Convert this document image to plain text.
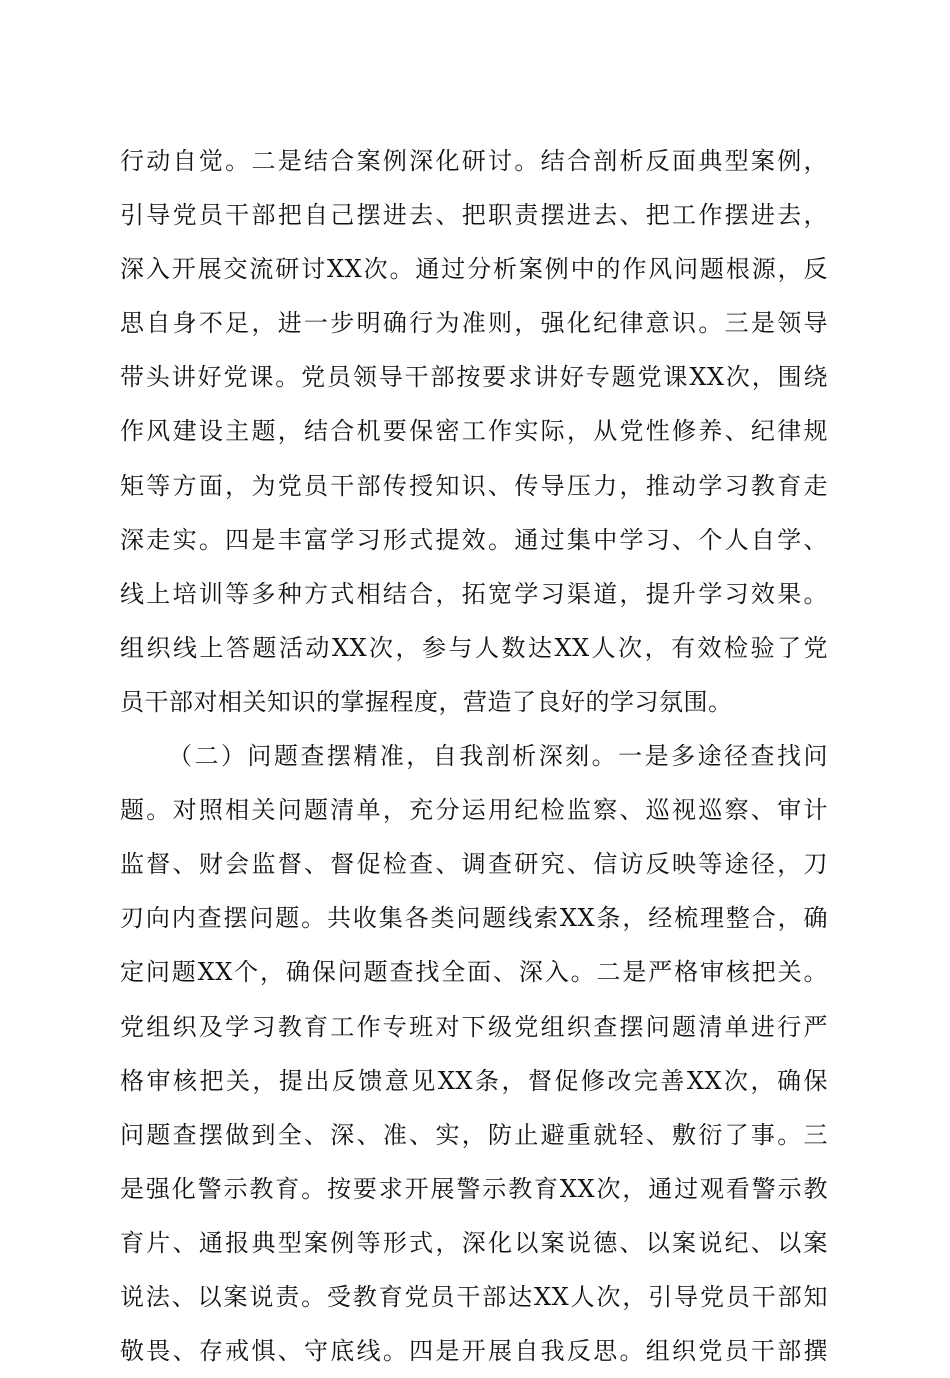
行动自觉。二是结合案例深化研讨。结合剖析反面典型案例，
引导党员干部把自己摆进去、把职责摆进去、把工作摆进去，
深入开展交流研讨XX次。通过分析案例中的作风问题根源，反
思自身不足，进一步明确行为准则，强化纪律意识。三是领导
带头讲好党课。党员领导干部按要求讲好专题党课XX次，围绕
作风建设主题，结合机要保密工作实际，从党性修养、纪律规
矩等方面，为党员干部传授知识、传导压力，推动学习教育走
深走实。四是丰富学习形式提效。通过集中学习、个人自学、
线上培训等多种方式相结合，拓宽学习渠道，提升学习效果。
组织线上答题活动XX次，参与人数达XX人次，有效检验了党
员干部对相关知识的掌握程度，营造了良好的学习氛围。
（二）问题查摆精准，自我剖析深刻。一是多途径查找问
题。对照相关问题清单，充分运用纪检监察、巡视巡察、审计
监督、财会监督、督促检查、调查研究、信访反映等途径，刀
刃向内查摆问题。共收集各类问题线索XX条，经梳理整合，确
定问题XX个，确保问题查找全面、深入。二是严格审核把关。
党组织及学习教育工作专班对下级党组织查摆问题清单进行严
格审核把关，提出反馈意见XX条，督促修改完善XX次，确保
问题查摆做到全、深、准、实，防止避重就轻、敷衍了事。三
是强化警示教育。按要求开展警示教育XX次，通过观看警示教
育片、通报典型案例等形式，深化以案说德、以案说纪、以案
说法、以案说责。受教育党员干部达XX人次，引导党员干部知
敬畏、存戒惧、守底线。四是开展自我反思。组织党员干部撰
